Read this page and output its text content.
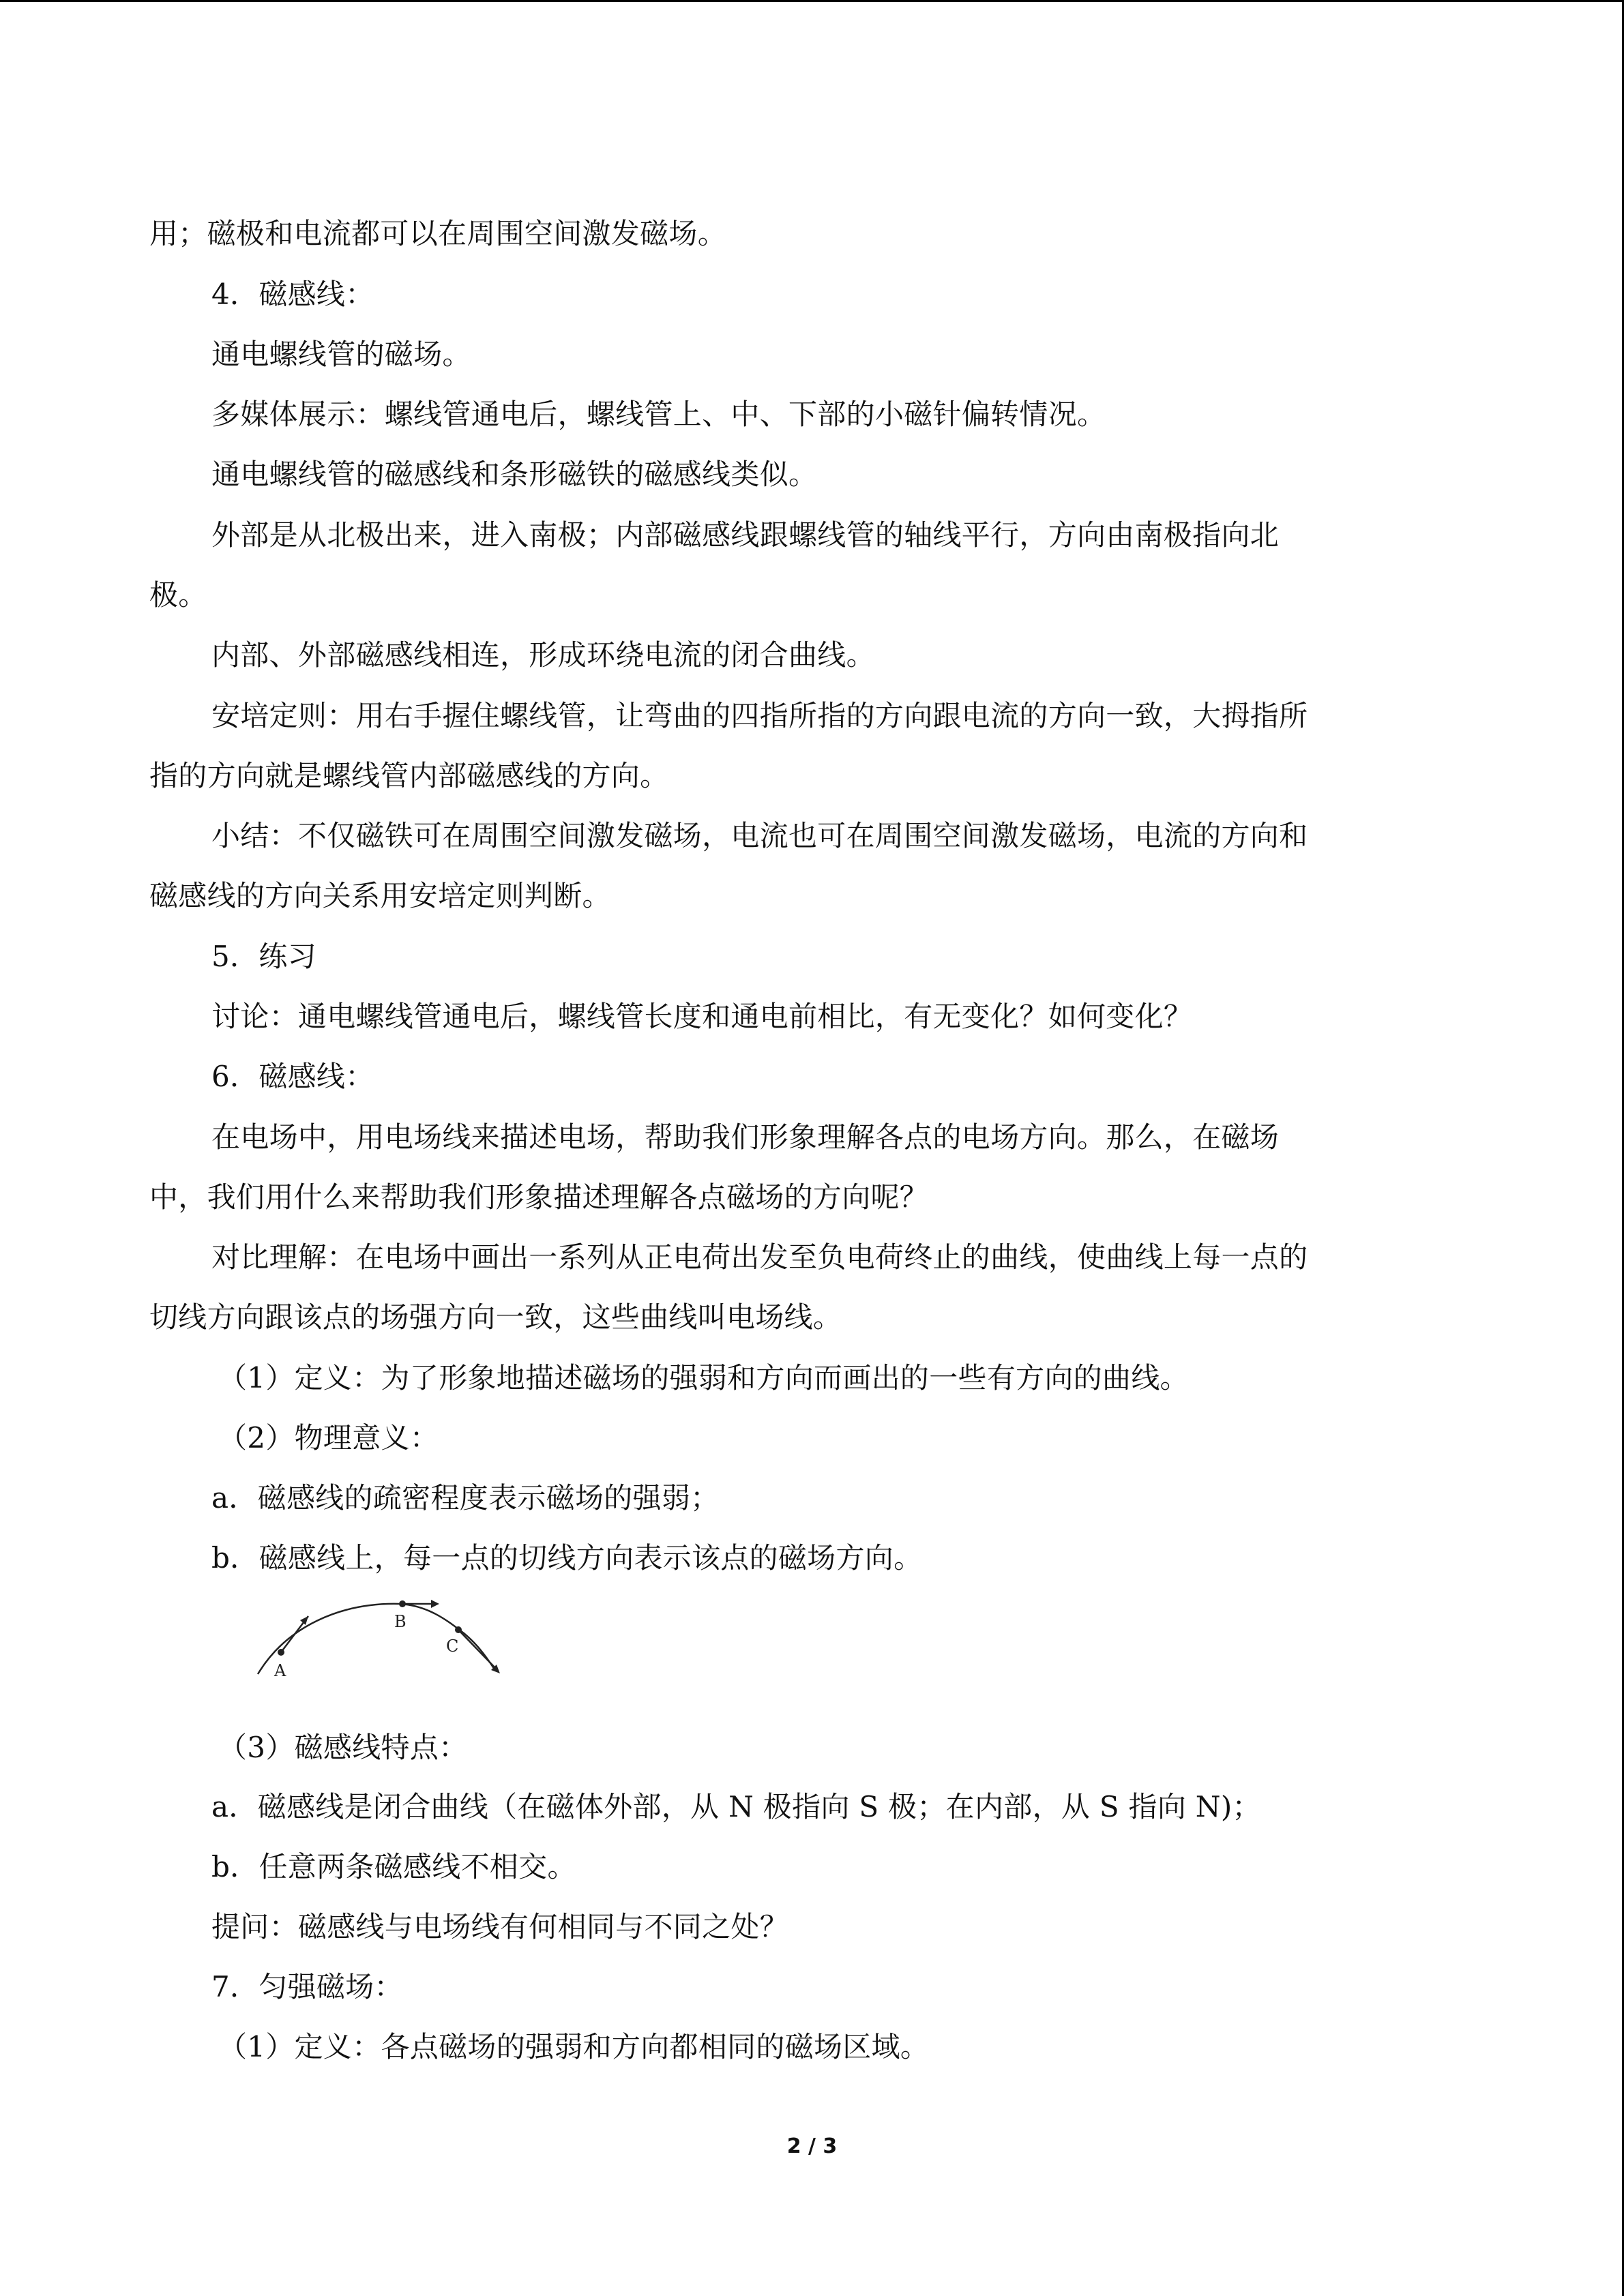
用；磁极和电流都可以在周围空间激发磁场。
4．磁感线：
通电螺线管的磁场。
多媒体展示：螺线管通电后，螺线管上、中、下部的小磁针偏转情况。
通电螺线管的磁感线和条形磁铁的磁感线类似。
外部是从北极出来，进入南极；内部磁感线跟螺线管的轴线平行，方向由南极指向北
极。
内部、外部磁感线相连，形成环绕电流的闭合曲线。
安培定则：用右手握住螺线管，让弯曲的四指所指的方向跟电流的方向一致，大拇指所
指的方向就是螺线管内部磁感线的方向。
小结：不仅磁铁可在周围空间激发磁场，电流也可在周围空间激发磁场，电流的方向和
磁感线的方向关系用安培定则判断。
5．练习
讨论：通电螺线管通电后，螺线管长度和通电前相比，有无变化？如何变化？
6．磁感线：
在电场中，用电场线来描述电场，帮助我们形象理解各点的电场方向。那么，在磁场
中，我们用什么来帮助我们形象描述理解各点磁场的方向呢？
对比理解：在电场中画出一系列从正电荷出发至负电荷终止的曲线，使曲线上每一点的
切线方向跟该点的场强方向一致，这些曲线叫电场线。
（1）定义：为了形象地描述磁场的强弱和方向而画出的一些有方向的曲线。
（2）物理意义：
a．磁感线的疏密程度表示磁场的强弱；
b．磁感线上，每一点的切线方向表示该点的磁场方向。
A
B
C
（3）磁感线特点：
a．磁感线是闭合曲线（在磁体外部，从 N 极指向 S 极；在内部，从 S 指向 N)；
b．任意两条磁感线不相交。
提问：磁感线与电场线有何相同与不同之处？
7．匀强磁场：
（1）定义：各点磁场的强弱和方向都相同的磁场区域。
2 / 3
